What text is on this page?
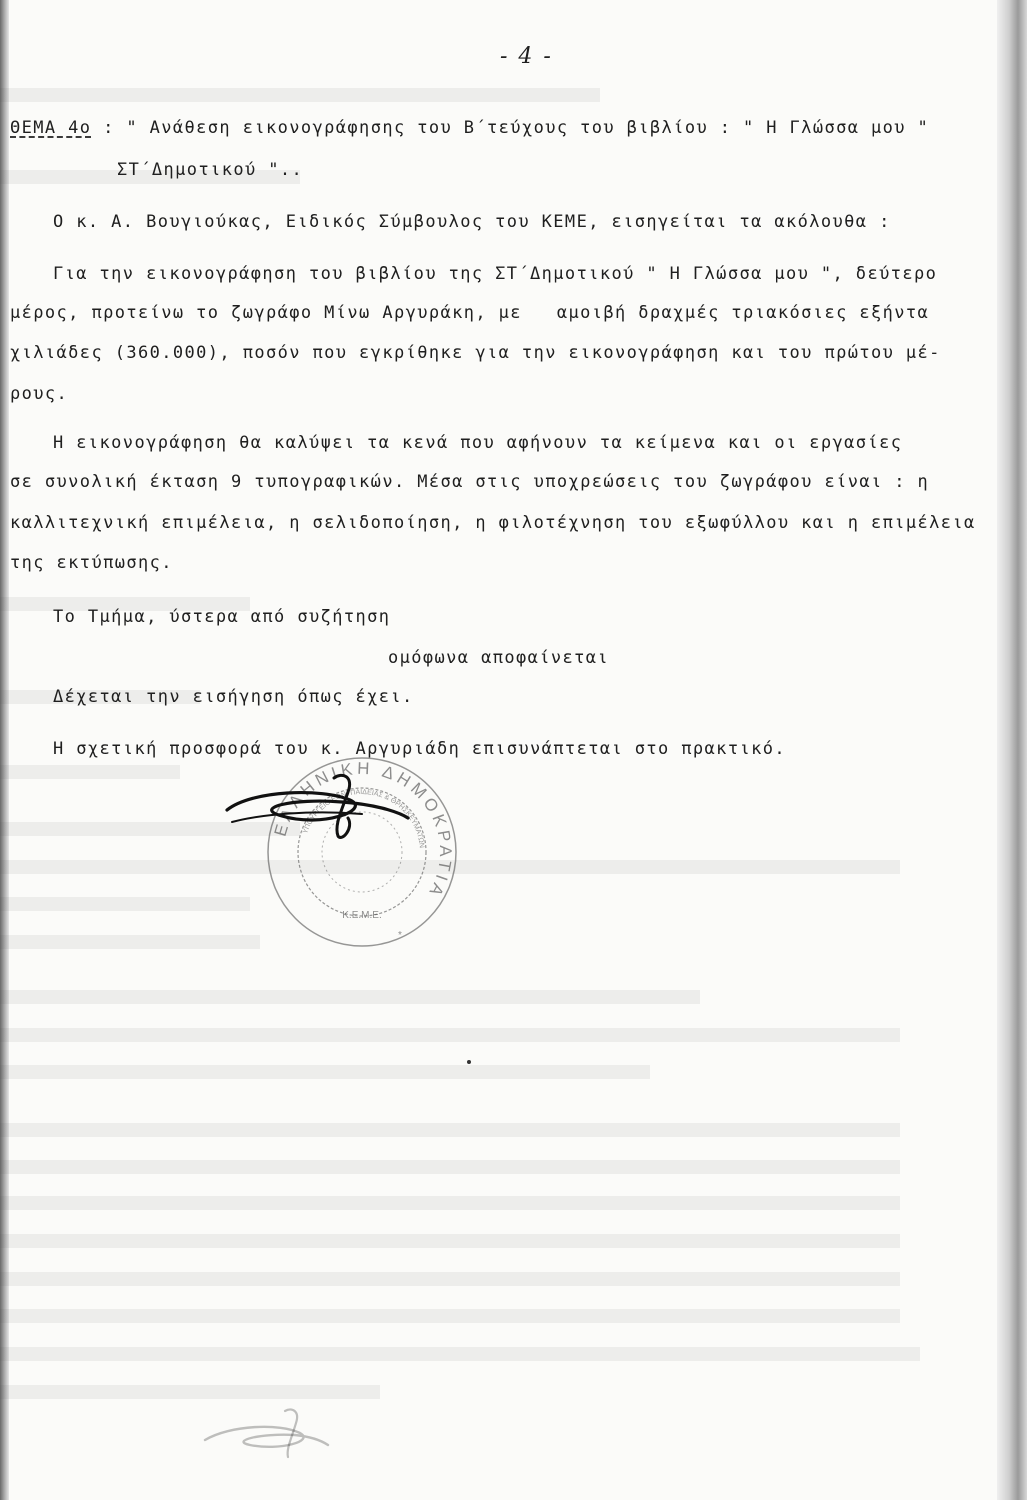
- 4 -
ΘΕΜΑ 4ο : " Ανάθεση εικονογράφησης του Β΄τεύχους του βιβλίου : " Η Γλώσσα μου "
ΣΤ΄Δημοτικού "..
Ο κ. Α. Βουγιούκας, Ειδικός Σύμβουλος του ΚΕΜΕ, εισηγείται τα ακόλουθα :
Για την εικονογράφηση του βιβλίου της ΣΤ΄Δημοτικού " Η Γλώσσα μου ", δεύτερο
μέρος, προτείνω το ζωγράφο Μίνω Αργυράκη, με   αμοιβή δραχμές τριακόσιες εξήντα
χιλιάδες (360.000), ποσόν που εγκρίθηκε για την εικονογράφηση και του πρώτου μέ-
ρους.
Η εικονογράφηση θα καλύψει τα κενά που αφήνουν τα κείμενα και οι εργασίες
σε συνολική έκταση 9 τυπογραφικών. Μέσα στις υποχρεώσεις του ζωγράφου είναι : η
καλλιτεχνική επιμέλεια, η σελιδοποίηση, η φιλοτέχνηση του εξωφύλλου και η επιμέλεια
της εκτύπωσης.
Το Τμήμα, ύστερα από συζήτηση
ομόφωνα αποφαίνεται
Δέχεται την εισήγηση όπως έχει.
Η σχετική προσφορά του κ. Αργυριάδη επισυνάπτεται στο πρακτικό.
ΕΛΛΗΝΙΚΗ ΔΗΜΟΚΡΑΤΙΑ
ΥΠΟΥΡΓΕΙΟ ΕΘΝ. ΠΑΙΔΕΙΑΣ & ΘΡΗΣΚΕΥΜΑΤΩΝ
Κ.Ε.Μ.Ε.
*
